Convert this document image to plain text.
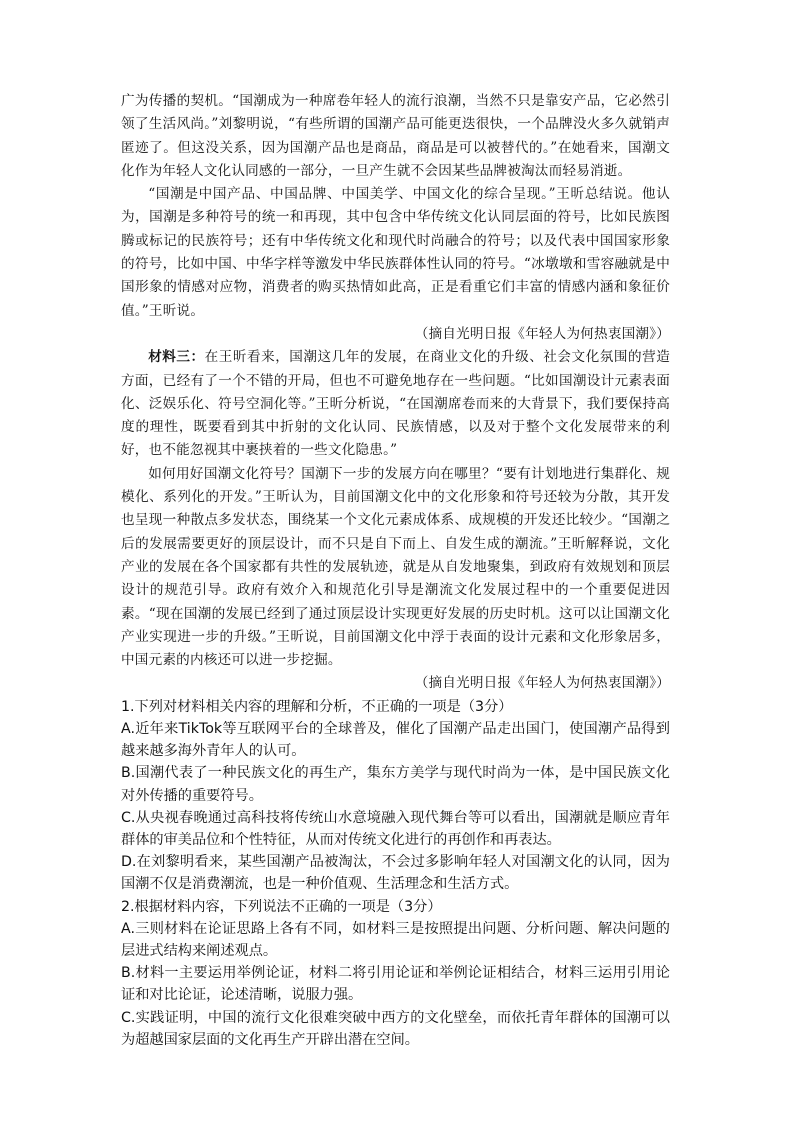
广为传播的契机。“国潮成为一种席卷年轻人的流行浪潮，当然不只是靠安产品，它必然引领了生活风尚。”刘黎明说，“有些所谓的国潮产品可能更迭很快，一个品牌没火多久就销声匿迹了。但这没关系，因为国潮产品也是商品，商品是可以被替代的。”在她看来，国潮文化作为年轻人文化认同感的一部分，一旦产生就不会因某些品牌被淘汰而轻易消逝。

“国潮是中国产品、中国品牌、中国美学、中国文化的综合呈现。”王昕总结说。他认为，国潮是多种符号的统一和再现，其中包含中华传统文化认同层面的符号，比如民族图腾或标记的民族符号；还有中华传统文化和现代时尚融合的符号；以及代表中国国家形象的符号，比如中国、中华字样等激发中华民族群体性认同的符号。“冰墩墩和雪容融就是中国形象的情感对应物，消费者的购买热情如此高，正是看重它们丰富的情感内涵和象征价值。”王昕说。

（摘自光明日报《年轻人为何热衷国潮》）

材料三：在王昕看来，国潮这几年的发展，在商业文化的升级、社会文化氛围的营造方面，已经有了一个不错的开局，但也不可避免地存在一些问题。“比如国潮设计元素表面化、泛娱乐化、符号空洞化等。”王昕分析说，“在国潮席卷而来的大背景下，我们要保持高度的理性，既要看到其中折射的文化认同、民族情感，以及对于整个文化发展带来的利好，也不能忽视其中裹挟着的一些文化隐患。”

如何用好国潮文化符号？国潮下一步的发展方向在哪里？“要有计划地进行集群化、规模化、系列化的开发。”王昕认为，目前国潮文化中的文化形象和符号还较为分散，其开发也呈现一种散点多发状态，围绕某一个文化元素成体系、成规模的开发还比较少。“国潮之后的发展需要更好的顶层设计，而不只是自下而上、自发生成的潮流。”王昕解释说，文化产业的发展在各个国家都有共性的发展轨迹，就是从自发地聚集，到政府有效规划和顶层设计的规范引导。政府有效介入和规范化引导是潮流文化发展过程中的一个重要促进因素。“现在国潮的发展已经到了通过顶层设计实现更好发展的历史时机。这可以让国潮文化产业实现进一步的升级。”王昕说，目前国潮文化中浮于表面的设计元素和文化形象居多，中国元素的内核还可以进一步挖掘。

（摘自光明日报《年轻人为何热衷国潮》）

1.下列对材料相关内容的理解和分析，不正确的一项是（3分）

A.近年来TikTok等互联网平台的全球普及，催化了国潮产品走出国门，使国潮产品得到越来越多海外青年人的认可。

B.国潮代表了一种民族文化的再生产，集东方美学与现代时尚为一体，是中国民族文化对外传播的重要符号。

C.从央视春晚通过高科技将传统山水意境融入现代舞台等可以看出，国潮就是顺应青年群体的审美品位和个性特征，从而对传统文化进行的再创作和再表达。

D.在刘黎明看来，某些国潮产品被淘汰，不会过多影响年轻人对国潮文化的认同，因为国潮不仅是消费潮流，也是一种价值观、生活理念和生活方式。

2.根据材料内容，下列说法不正确的一项是（3分）

A.三则材料在论证思路上各有不同，如材料三是按照提出问题、分析问题、解决问题的层进式结构来阐述观点。

B.材料一主要运用举例论证，材料二将引用论证和举例论证相结合，材料三运用引用论证和对比论证，论述清晰，说服力强。

C.实践证明，中国的流行文化很难突破中西方的文化壁垒，而依托青年群体的国潮可以为超越国家层面的文化再生产开辟出潜在空间。
